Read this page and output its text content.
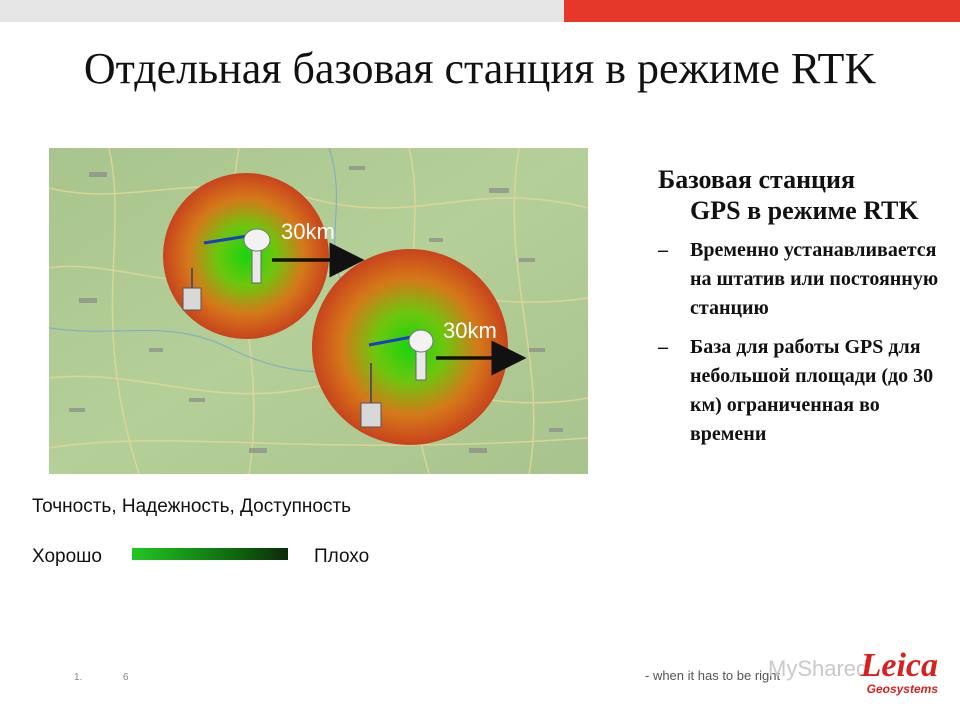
Отдельная базовая станция в режиме RTK
30km
30km
Базовая станция
GPS в режиме RTK
–	Временно устанавливается на штатив или постоянную станцию
–	База для работы GPS для небольшой площади (до 30 км) ограниченная во времени
Точность, Надежность, Доступность
Хорошо	Плохо
1.	6	- when it has to be right
MyShared
Leica
Geosystems
